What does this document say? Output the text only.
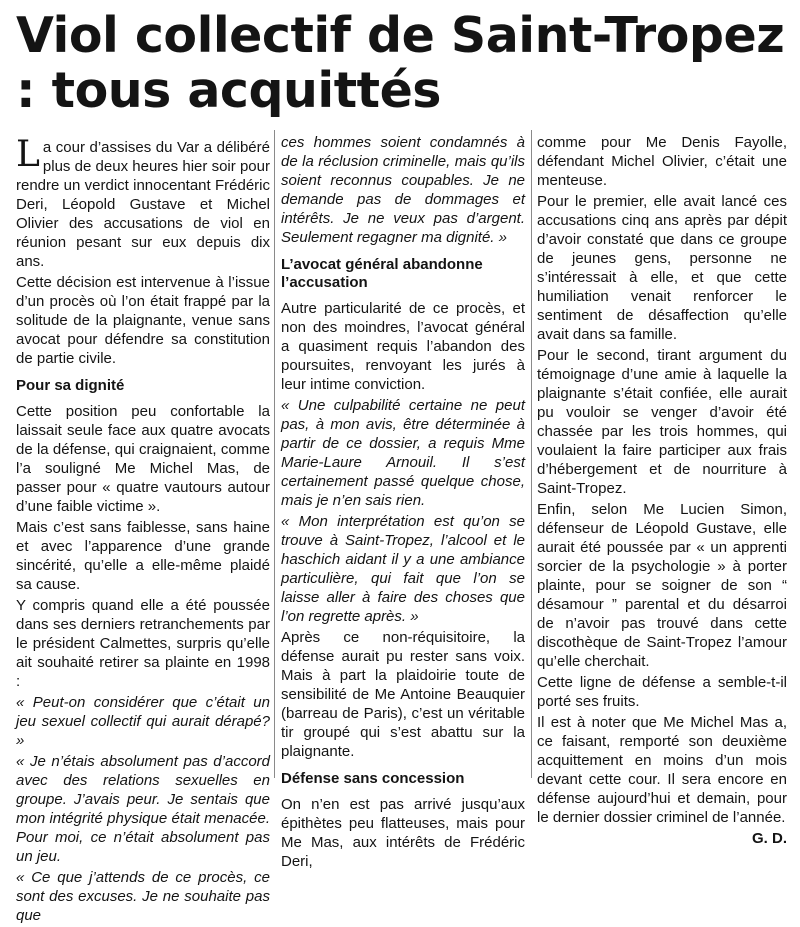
Viol collectif de Saint-Tropez : tous acquittés

La cour d’assises du Var a délibéré plus de deux heures hier soir pour rendre un verdict innocentant Frédéric Deri, Léopold Gustave et Michel Olivier des accusations de viol en réunion pesant sur eux depuis dix ans.

Cette décision est intervenue à l’issue d’un procès où l’on était frappé par la solitude de la plaignante, venue sans avocat pour défendre sa constitution de partie civile.

Pour sa dignité

Cette position peu confortable la laissait seule face aux quatre avocats de la défense, qui craignaient, comme l’a souligné Me Michel Mas, de passer pour « quatre vautours autour d’une faible victime ».

Mais c’est sans faiblesse, sans haine et avec l’apparence d’une grande sincérité, qu’elle a elle-même plaidé sa cause.

Y compris quand elle a été poussée dans ses derniers retranchements par le président Calmettes, surpris qu’elle ait souhaité retirer sa plainte en 1998 :

« Peut-on considérer que c’était un jeu sexuel collectif qui aurait dérapé? »

« Je n’étais absolument pas d’accord avec des relations sexuelles en groupe. J’avais peur. Je sentais que mon intégrité physique était menacée. Pour moi, ce n’était absolument pas un jeu.

« Ce que j’attends de ce procès, ce sont des excuses. Je ne souhaite pas que

ces hommes soient condamnés à de la réclusion criminelle, mais qu’ils soient reconnus coupables. Je ne demande pas de dommages et intérêts. Je ne veux pas d’argent. Seulement regagner ma dignité. »

L’avocat général abandonne l’accusation

Autre particularité de ce procès, et non des moindres, l’avocat général a quasiment requis l’abandon des poursuites, renvoyant les jurés à leur intime conviction.

« Une culpabilité certaine ne peut pas, à mon avis, être déterminée à partir de ce dossier, a requis Mme Marie-Laure Arnouil. Il s’est certainement passé quelque chose, mais je n’en sais rien.

« Mon interprétation est qu’on se trouve à Saint-Tropez, l’alcool et le haschich aidant il y a une ambiance particulière, qui fait que l’on se laisse aller à faire des choses que l’on regrette après. »

Après ce non-réquisitoire, la défense aurait pu rester sans voix. Mais à part la plaidoirie toute de sensibilité de Me Antoine Beauquier (barreau de Paris), c’est un véritable tir groupé qui s’est abattu sur la plaignante.

Défense sans concession

On n’en est pas arrivé jusqu’aux épithètes peu flatteuses, mais pour Me Mas, aux intérêts de Frédéric Deri,

comme pour Me Denis Fayolle, défendant Michel Olivier, c’était une menteuse.

Pour le premier, elle avait lancé ces accusations cinq ans après par dépit d’avoir constaté que dans ce groupe de jeunes gens, personne ne s’intéressait à elle, et que cette humiliation venait renforcer le sentiment de désaffection qu’elle avait dans sa famille.

Pour le second, tirant argument du témoignage d’une amie à laquelle la plaignante s’était confiée, elle aurait pu vouloir se venger d’avoir été chassée par les trois hommes, qui voulaient la faire participer aux frais d’hébergement et de nourriture à Saint-Tropez.

Enfin, selon Me Lucien Simon, défenseur de Léopold Gustave, elle aurait été poussée par « un apprenti sorcier de la psychologie » à porter plainte, pour se soigner de son “ désamour ” parental et du désarroi de n’avoir pas trouvé dans cette discothèque de Saint-Tropez l’amour qu’elle cherchait.

Cette ligne de défense a semble-t-il porté ses fruits.

Il est à noter que Me Michel Mas a, ce faisant, remporté son deuxième acquittement en moins d’un mois devant cette cour. Il sera encore en défense aujourd’hui et demain, pour le dernier dossier criminel de l’année.

G. D.
